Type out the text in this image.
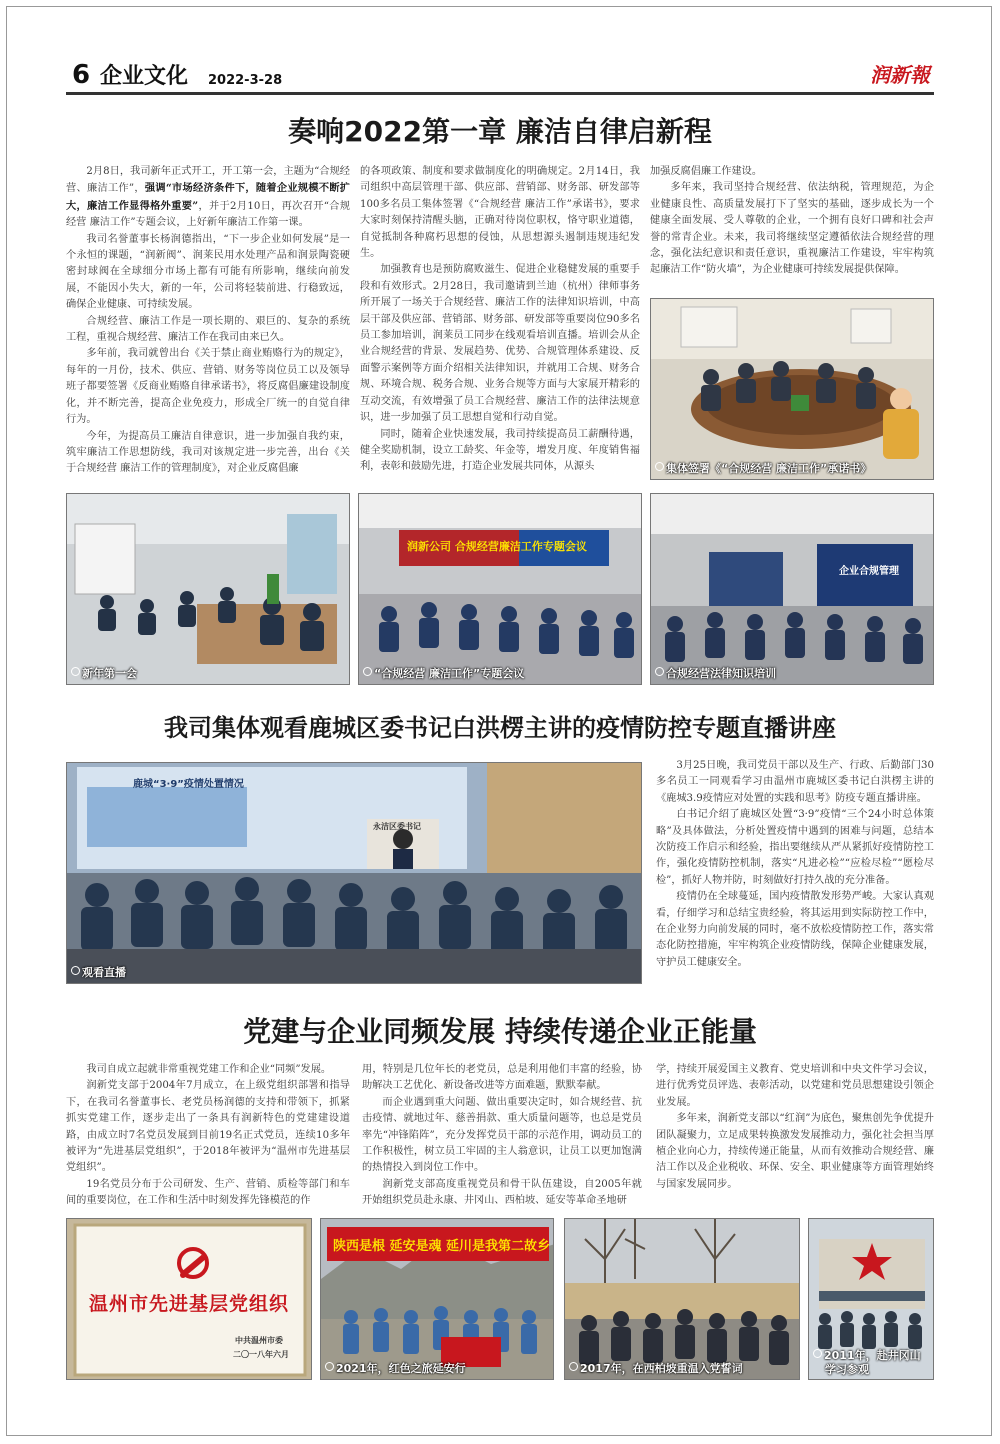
6 企业文化 2022-3-28	润新報
奏响2022第一章 廉洁自律启新程

2月8日，我司新年正式开工，开工第一会，主题为“合规经营、廉洁工作”，强调“市场经济条件下，随着企业规模不断扩大，廉洁工作显得格外重要”，并于2月10日，再次召开“合规经营 廉洁工作”专题会议，上好新年廉洁工作第一课。

我司名誉董事长杨润德指出，“下一步企业如何发展”是一个永恒的课题，“润新阀”、润莱民用水处理产品和润景陶瓷硬密封球阀在全球细分市场上都有可能有所影响，继续向前发展，不能因小失大，新的一年，公司将轻装前进、行稳致远，确保企业健康、可持续发展。

合规经营、廉洁工作是一项长期的、艰巨的、复杂的系统工程，重视合规经营、廉洁工作在我司由来已久。

多年前，我司就曾出台《关于禁止商业贿赂行为的规定》，每年的一月份，技术、供应、营销、财务等岗位员工以及领导班子都要签署《反商业贿赂自律承诺书》，将反腐倡廉建设制度化，并不断完善，提高企业免疫力，形成全厂统一的自觉自律行为。

今年，为提高员工廉洁自律意识，进一步加强自我约束，筑牢廉洁工作思想防线，我司对该规定进一步完善，出台《关于合规经营 廉洁工作的管理制度》，对企业反腐倡廉

的各项政策、制度和要求做制度化的明确规定。2月14日，我司组织中高层管理干部、供应部、营销部、财务部、研发部等100多名员工集体签署《“合规经营 廉洁工作”承诺书》，要求大家时刻保持清醒头脑，正确对待岗位职权，恪守职业道德，自觉抵制各种腐朽思想的侵蚀，从思想源头遏制违规违纪发生。

加强教育也是预防腐败滋生、促进企业稳健发展的重要手段和有效形式。2月28日，我司邀请到兰迪（杭州）律师事务所开展了一场关于合规经营、廉洁工作的法律知识培训，中高层干部及供应部、营销部、财务部、研发部等重要岗位90多名员工参加培训，润莱员工同步在线观看培训直播。培训会从企业合规经营的背景、发展趋势、优势、合规管理体系建设、反面警示案例等方面介绍相关法律知识，并就用工合规、财务合规、环境合规、税务合规、业务合规等方面与大家展开精彩的互动交流，有效增强了员工合规经营、廉洁工作的法律法规意识，进一步加强了员工思想自觉和行动自觉。

同时，随着企业快速发展，我司持续提高员工薪酬待遇，健全奖励机制，设立工龄奖、年金等，增发月度、年度销售福利，表彰和鼓励先进，打造企业发展共同体，从源头

加强反腐倡廉工作建设。

多年来，我司坚持合规经营、依法纳税，管理规范，为企业健康良性、高质量发展打下了坚实的基础，逐步成长为一个健康全面发展、受人尊敬的企业，一个拥有良好口碑和社会声誉的常青企业。未来，我司将继续坚定遵循依法合规经营的理念，强化法纪意识和责任意识，重视廉洁工作建设，牢牢构筑起廉洁工作“防火墙”，为企业健康可持续发展提供保障。

集体签署《“合规经营 廉洁工作”承诺书》
新年第一会
润新公司 合规经营廉洁工作专题会议
“合规经营 廉洁工作”专题会议
企业合规管理
合规经营法律知识培训
我司集体观看鹿城区委书记白洪楞主讲的疫情防控专题直播讲座
鹿城“3·9”疫情处置情况
永洁区委书记
观看直播

3月25日晚，我司党员干部以及生产、行政、后勤部门30多名员工一同观看学习由温州市鹿城区委书记白洪楞主讲的《鹿城3.9疫情应对处置的实践和思考》防疫专题直播讲座。

白书记介绍了鹿城区处置“3·9”疫情“三个24小时总体策略”及具体做法，分析处置疫情中遇到的困难与问题，总结本次防疫工作启示和经验，指出要继续从严从紧抓好疫情防控工作，强化疫情防控机制，落实“凡进必检”“应检尽检”“愿检尽检”，抓好人物并防，时刻做好打持久战的充分准备。

疫情仍在全球蔓延，国内疫情散发形势严峻。大家认真观看，仔细学习和总结宝贵经验，将其运用到实际防控工作中，在企业努力向前发展的同时，毫不放松疫情防控工作，落实常态化防控措施，牢牢构筑企业疫情防线，保障企业健康发展，守护员工健康安全。

党建与企业同频发展 持续传递企业正能量

我司自成立起就非常重视党建工作和企业“同频”发展。

润新党支部于2004年7月成立，在上级党组织部署和指导下，在我司名誉董事长、老党员杨润德的支持和带领下，抓紧抓实党建工作，逐步走出了一条具有润新特色的党建建设道路，由成立时7名党员发展到目前19名正式党员，连续10多年被评为“先进基层党组织”，于2018年被评为“温州市先进基层党组织”。

19名党员分布于公司研发、生产、营销、质检等部门和车间的重要岗位，在工作和生活中时刻发挥先锋模范的作

用，特别是几位年长的老党员，总是利用他们丰富的经验，协助解决工艺优化、新设备改进等方面难题，默默奉献。

而企业遇到重大问题、做出重要决定时，如合规经营、抗击疫情、就地过年、慈善捐款、重大质量问题等，也总是党员率先“冲锋陷阵”，充分发挥党员干部的示范作用，调动员工的工作积极性，树立员工牢固的主人翁意识，让员工以更加饱满的热情投入到岗位工作中。

润新党支部高度重视党员和骨干队伍建设，自2005年就开始组织党员赴永康、井冈山、西柏坡、延安等革命圣地研

学，持续开展爱国主义教育、党史培训和中央文件学习会议，进行优秀党员评选、表彰活动，以党建和党员思想建设引领企业发展。

多年来，润新党支部以“红润”为底色，聚焦创先争优提升团队凝聚力，立足成果转换激发发展推动力，强化社会担当厚植企业向心力，持续传递正能量，从而有效推动合规经营、廉洁工作以及企业税收、环保、安全、职业健康等方面管理始终与国家发展同步。

温州市先进基层党组织
中共温州市委
二〇一八年六月
陕西是根 延安是魂 延川是我第二故乡
2021年，红色之旅延安行	2017年，在西柏坡重温入党誓词
2011年，赴井冈山
学习参观
